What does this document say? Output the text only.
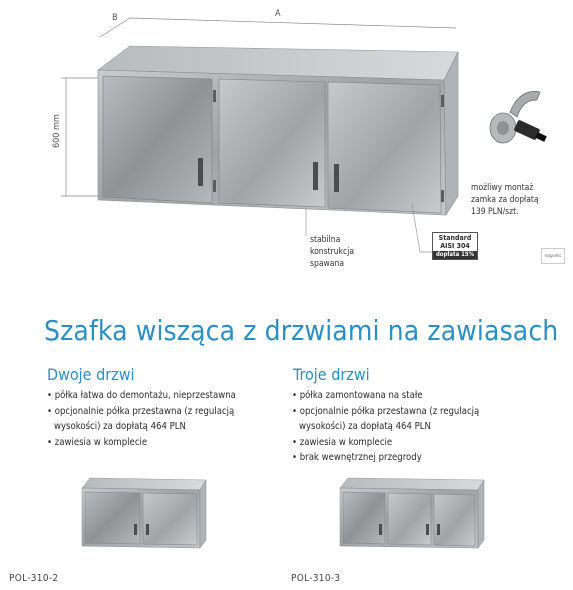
B	A
600 mm
stabilna
konstrukcja
spawana
możliwy montaż
zamka za dopłatą
139 PLN/szt.
Standard
AISI 304
dopłata 15%	magnetic
Szafka wisząca z drzwiami na zawiasach
Dwoje drzwi
• półka łatwa do demontażu, nieprzestawna
• opcjonalnie półka przestawna (z regulacją
wysokości) za dopłatą 464 PLN
• zawiesia w komplecie
Troje drzwi
• półka zamontowana na stałe
• opcjonalnie półka przestawna (z regulacją
wysokości) za dopłatą 464 PLN
• zawiesia w komplecie
• brak wewnętrznej przegrody
POL-310-2	POL-310-3
